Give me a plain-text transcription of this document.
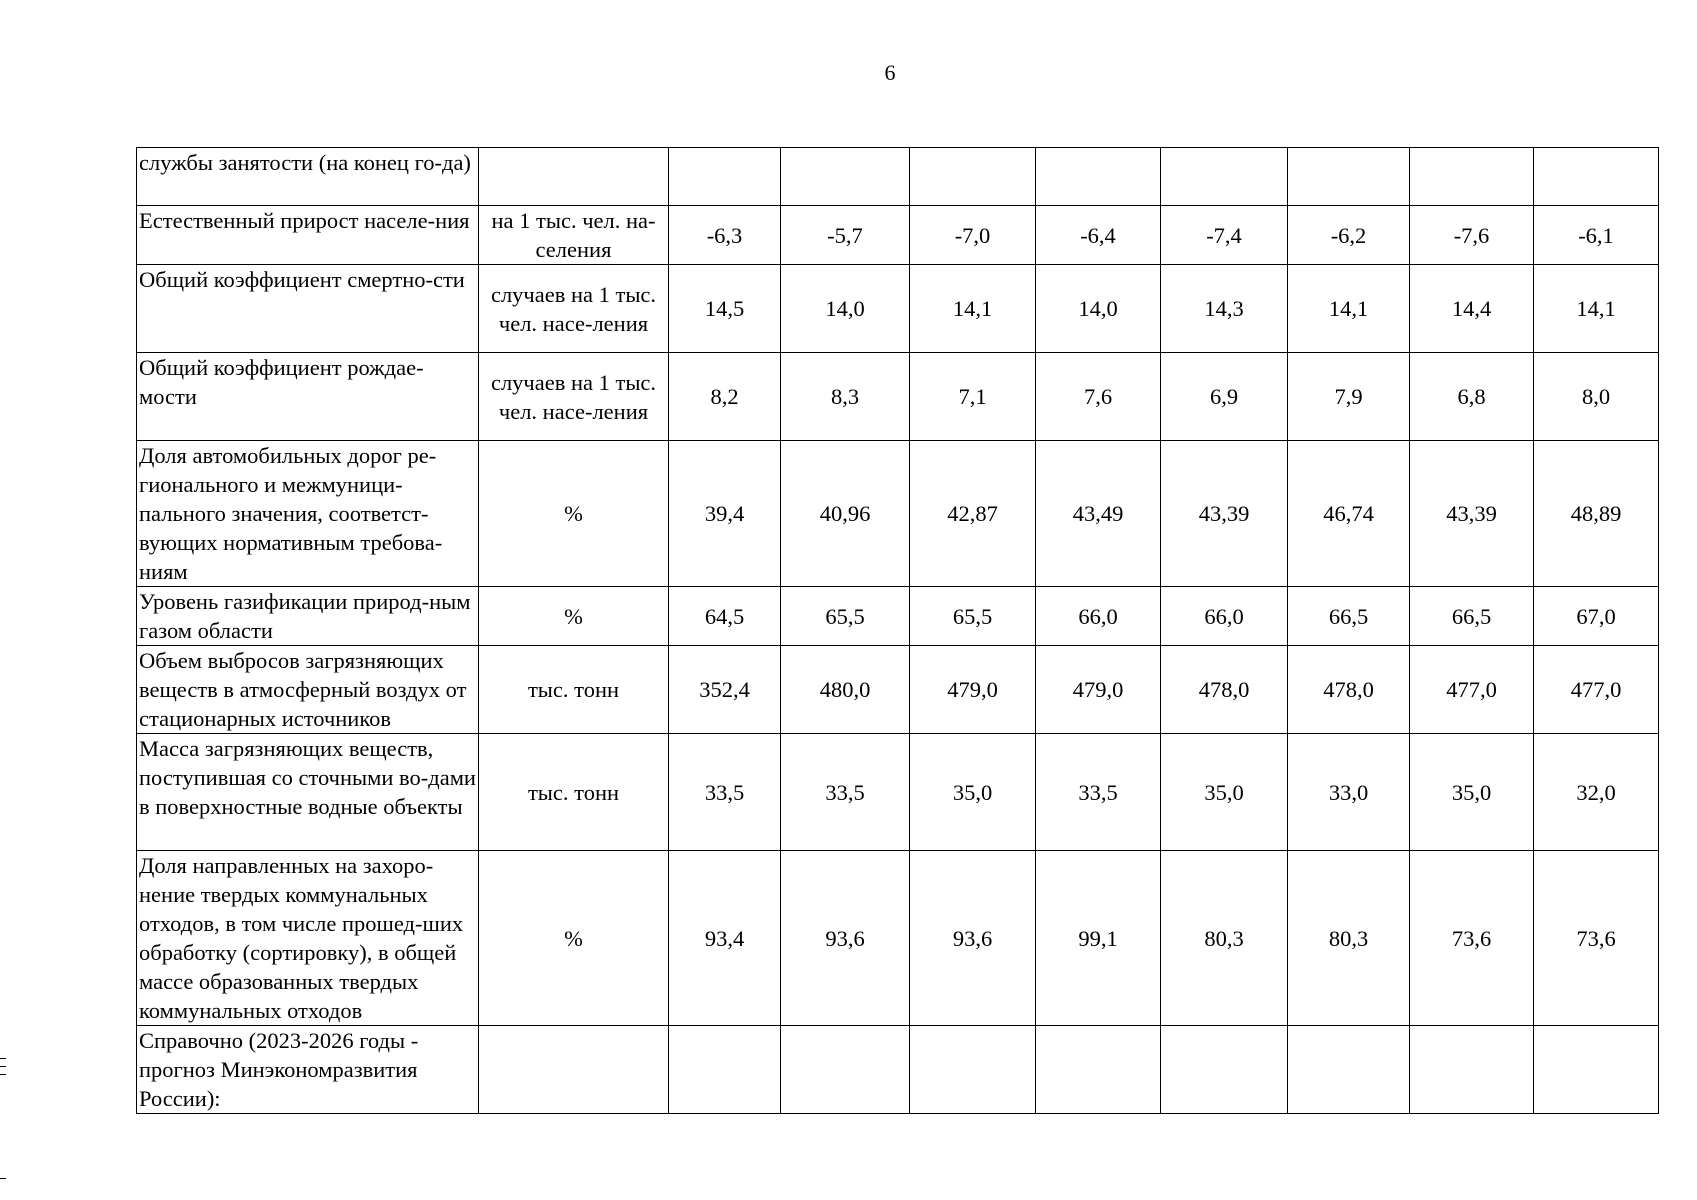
6
службы занятости (на конец го-да)									
Естественный прирост населе-ния	на 1 тыс. чел. на-селения	-6,3	-5,7	-7,0	-6,4	-7,4	-6,2	-7,6	-6,1
Общий коэффициент смертно-сти	случаев на 1 тыс. чел. насе-ления	14,5	14,0	14,1	14,0	14,3	14,1	14,4	14,1
Общий коэффициент рождае-мости	случаев на 1 тыс. чел. насе-ления	8,2	8,3	7,1	7,6	6,9	7,9	6,8	8,0
Доля автомобильных дорог ре-гионального и межмуници-пального значения, соответст-вующих нормативным требова-ниям	%	39,4	40,96	42,87	43,49	43,39	46,74	43,39	48,89
Уровень газификации природ-ным газом области	%	64,5	65,5	65,5	66,0	66,0	66,5	66,5	67,0
Объем выбросов загрязняющих веществ в атмосферный воздух от стационарных источников	тыс. тонн	352,4	480,0	479,0	479,0	478,0	478,0	477,0	477,0
Масса загрязняющих веществ, поступившая со сточными во-дами в поверхностные водные объекты	тыс. тонн	33,5	33,5	35,0	33,5	35,0	33,0	35,0	32,0
Доля направленных на захоро-нение твердых коммунальных отходов, в том числе прошед-ших обработку (сортировку), в общей массе образованных твердых коммунальных отходов	%	93,4	93,6	93,6	99,1	80,3	80,3	73,6	73,6
Справочно (2023-2026 годы - прогноз Минэкономразвития России):									
